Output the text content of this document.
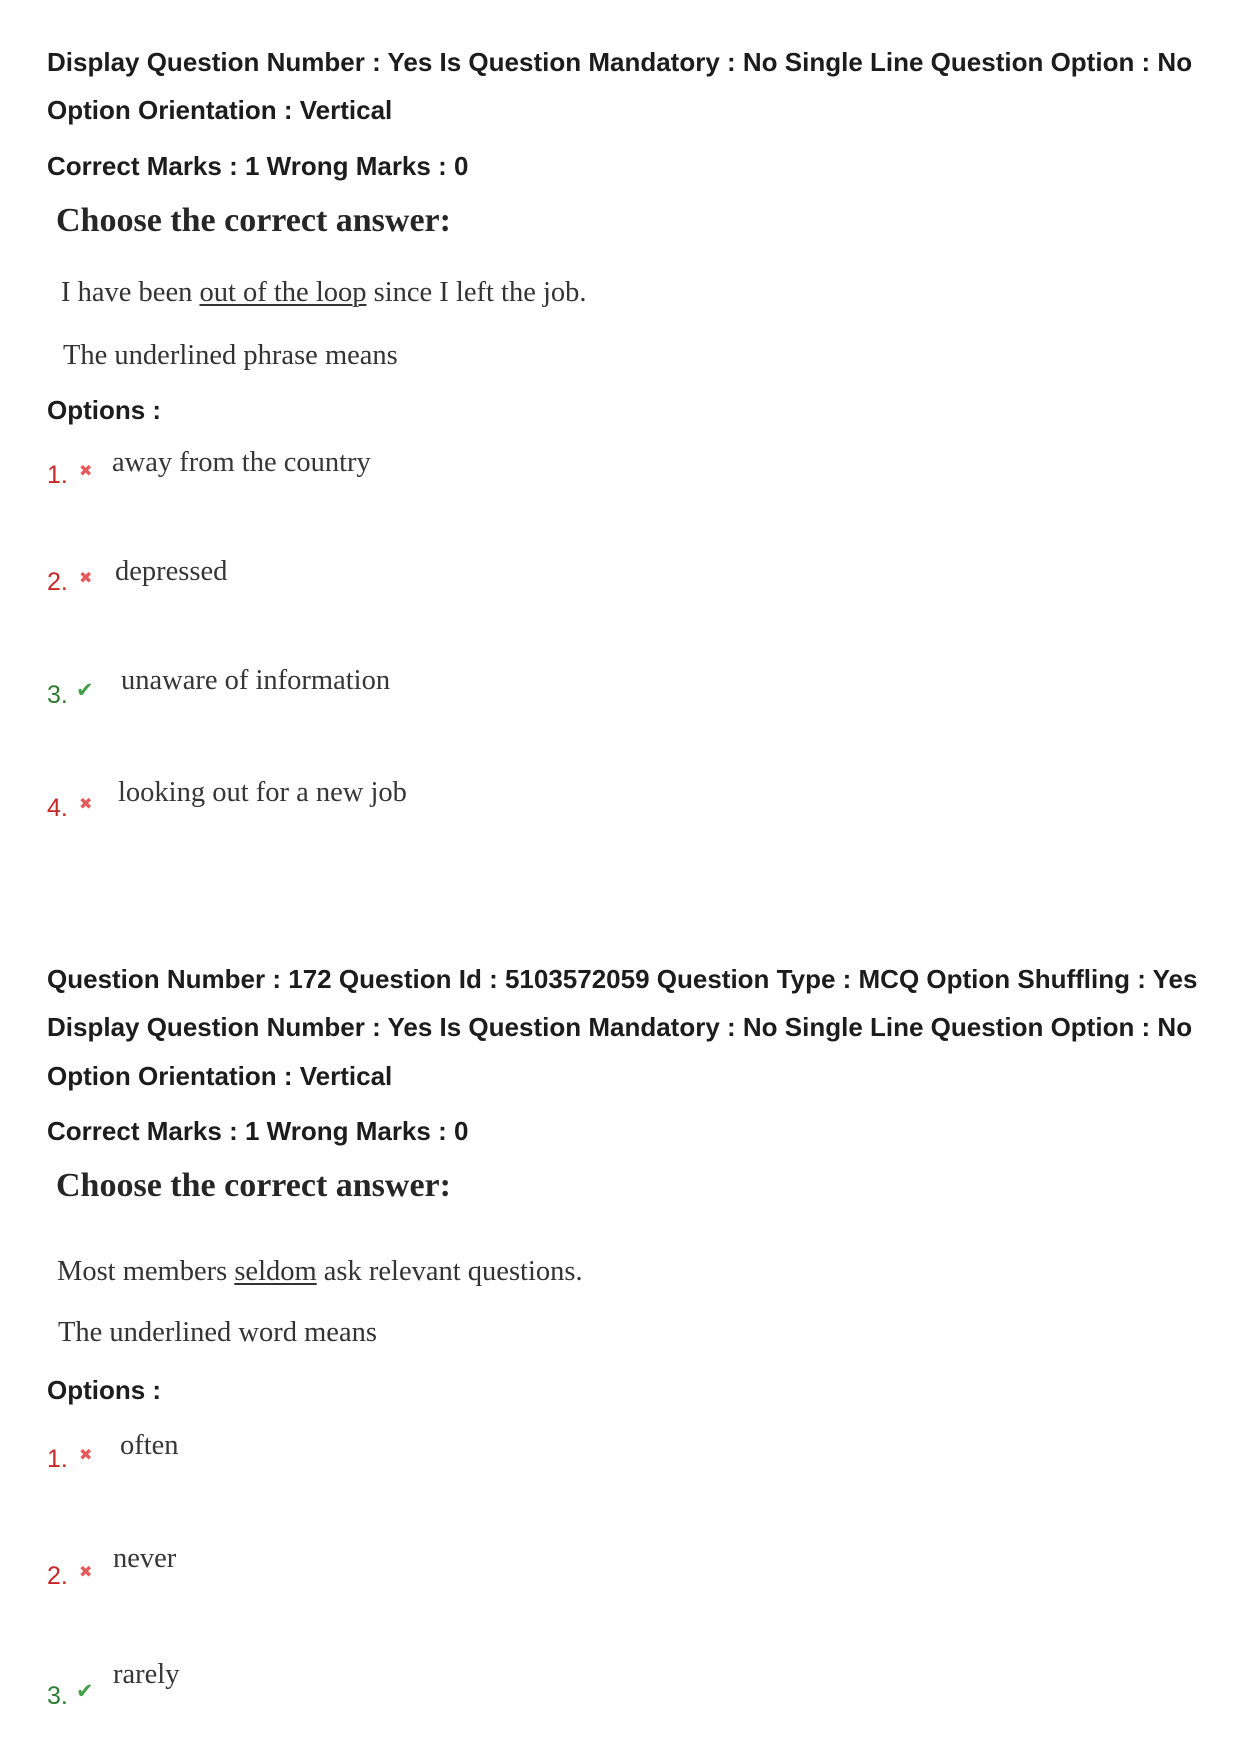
Display Question Number : Yes Is Question Mandatory : No Single Line Question Option : No
Option Orientation : Vertical
Correct Marks : 1 Wrong Marks : 0
Choose the correct answer:
I have been out of the loop since I left the job.
The underlined phrase means
Options :
1. ✖ away from the country
2. ✖ depressed
3. ✔ unaware of information
4.
✖
looking out for a new job
Question Number : 172 Question Id : 5103572059 Question Type : MCQ Option Shuffling : Yes
Display Question Number : Yes Is Question Mandatory : No Single Line Question Option : No
Option Orientation : Vertical
Correct Marks : 1 Wrong Marks : 0
Choose the correct answer:
Most members seldom ask relevant questions.
The underlined word means
Options :
1. ✖ often
2.
✖
never
3.
✔
rarely
